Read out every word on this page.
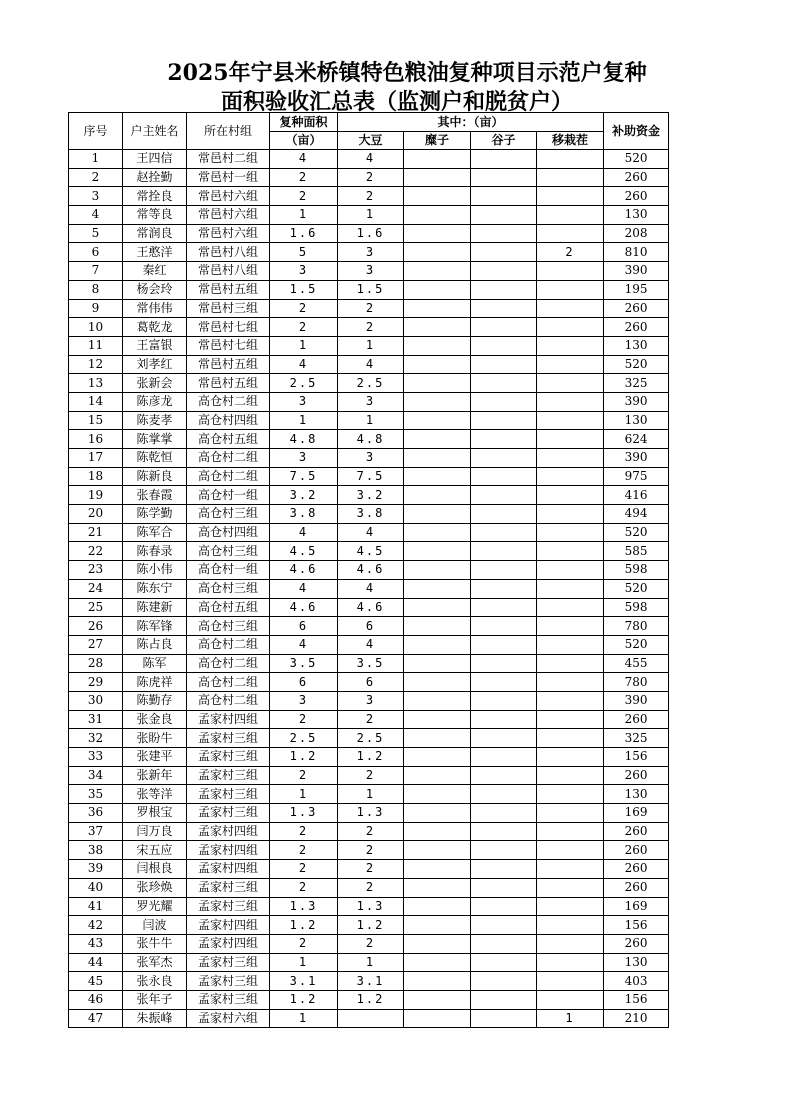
2025年宁县米桥镇特色粮油复种项目示范户复种
面积验收汇总表（监测户和脱贫户）
序号	户主姓名	所在村组	复种面积	其中：（亩）				补助资金
			（亩）	大豆	糜子	谷子	移栽茬	
1	王四信	常邑村二组	4	4				520
2	赵拴勤	常邑村一组	2	2				260
3	常拴良	常邑村六组	2	2				260
4	常等良	常邑村六组	1	1				130
5	常润良	常邑村六组	1.6	1.6				208
6	王憨洋	常邑村八组	5	3			2	810
7	秦红	常邑村八组	3	3				390
8	杨会玲	常邑村五组	1.5	1.5				195
9	常伟伟	常邑村三组	2	2				260
10	葛乾龙	常邑村七组	2	2				260
11	王富银	常邑村七组	1	1				130
12	刘孝红	常邑村五组	4	4				520
13	张新会	常邑村五组	2.5	2.5				325
14	陈彦龙	高仓村二组	3	3				390
15	陈麦孝	高仓村四组	1	1				130
16	陈掌掌	高仓村五组	4.8	4.8				624
17	陈乾恒	高仓村二组	3	3				390
18	陈新良	高仓村二组	7.5	7.5				975
19	张春霞	高仓村一组	3.2	3.2				416
20	陈学勤	高仓村三组	3.8	3.8				494
21	陈军合	高仓村四组	4	4				520
22	陈春录	高仓村三组	4.5	4.5				585
23	陈小伟	高仓村一组	4.6	4.6				598
24	陈东宁	高仓村三组	4	4				520
25	陈建新	高仓村五组	4.6	4.6				598
26	陈军锋	高仓村三组	6	6				780
27	陈占良	高仓村二组	4	4				520
28	陈军	高仓村二组	3.5	3.5				455
29	陈虎祥	高仓村二组	6	6				780
30	陈勤存	高仓村二组	3	3				390
31	张金良	孟家村四组	2	2				260
32	张盼牛	孟家村三组	2.5	2.5				325
33	张建平	孟家村三组	1.2	1.2				156
34	张新年	孟家村三组	2	2				260
35	张等洋	孟家村三组	1	1				130
36	罗根宝	孟家村三组	1.3	1.3				169
37	闫万良	孟家村四组	2	2				260
38	宋五应	孟家村四组	2	2				260
39	闫根良	孟家村四组	2	2				260
40	张珍焕	孟家村三组	2	2				260
41	罗光耀	孟家村三组	1.3	1.3				169
42	闫波	孟家村四组	1.2	1.2				156
43	张牛牛	孟家村四组	2	2				260
44	张军杰	孟家村三组	1	1				130
45	张永良	孟家村三组	3.1	3.1				403
46	张年子	孟家村三组	1.2	1.2				156
47	朱振峰	孟家村六组	1				1	210
